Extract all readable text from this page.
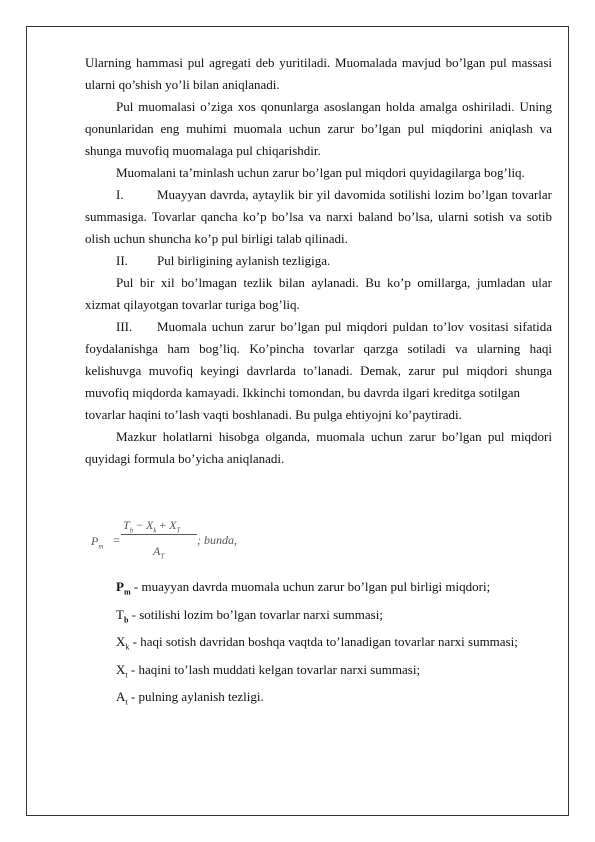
Ularning hammasi pul agregati deb yuritiladi. Muomalada mavjud bo’lgan pul massasi ularni qo’shish yo’li bilan aniqlanadi.

Pul muomalasi o’ziga xos qonunlarga asoslangan holda amalga oshiriladi. Uning qonunlaridan eng muhimi muomala uchun zarur bo’lgan pul miqdorini aniqlash va shunga muvofiq muomalaga pul chiqarishdir.

Muomalani ta’minlash uchun zarur bo’lgan pul miqdori quyidagilarga bog’liq.

I.	Muayyan davrda, aytaylik bir yil davomida sotilishi lozim bo’lgan tovarlar summasiga. Tovarlar qancha ko’p bo’lsa va narxi baland bo’lsa, ularni sotish va sotib olish uchun shuncha ko’p pul birligi talab qilinadi.

II. Pul birligining aylanish tezligiga.

Pul bir xil bo’lmagan tezlik bilan aylanadi. Bu ko’p omillarga, jumladan ular xizmat qilayotgan tovarlar turiga bog’liq.

III. Muomala uchun zarur bo’lgan pul miqdori puldan to’lov vositasi sifatida

foydalanishga ham bog’liq. Ko’pincha tovarlar qarzga sotiladi va ularning haqi kelishuvga muvofiq keyingi davrlarda to’lanadi. Demak, zarur pul miqdori shunga muvofiq miqdorda kamayadi. Ikkinchi tomondan, bu davrda ilgari kreditga sotilgan

tovarlar haqini to’lash vaqti boshlanadi. Bu pulga ehtiyojni ko’paytiradi.

Mazkur holatlarni hisobga olganda, muomala uchun zarur bo’lgan pul miqdori quyidagi formula bo’yicha aniqlanadi.

$P_m$ =
$T_b - X_k + X_T$
$A_T$
; bunda,

$P_m$ - muayyan davrda muomala uchun zarur bo’lgan pul birligi miqdori;

$T_b$ - sotilishi lozim bo’lgan tovarlar narxi summasi;

$X_k$ - haqi sotish davridan boshqa vaqtda to’lanadigan tovarlar narxi summasi;

$X_t$ - haqini to’lash muddati kelgan tovarlar narxi summasi;

$A_t$ - pulning aylanish tezligi.
